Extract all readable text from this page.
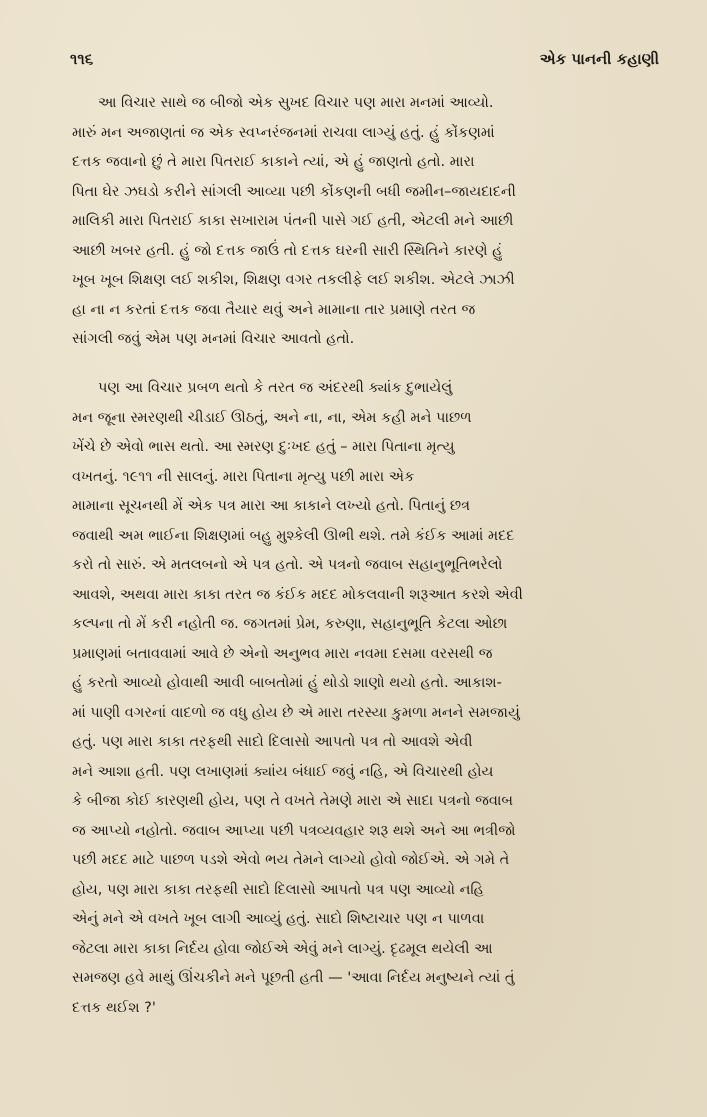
૧૧૬	એક પાનની કહાણી
આ વિચાર સાથે જ બીજો એક સુખદ વિચાર પણ મારા મનમાં આવ્યો.
મારું મન અજાણતાં જ એક સ્વપ્નરંજનમાં રાચવા લાગ્યું હતું. હું કોંકણમાં
દત્તક જવાનો છું તે મારા પિતરાઈ કાકાને ત્યાં, એ હું જાણતો હતો. મારા
પિતા ઘેર ઝઘડો કરીને સાંગલી આવ્યા પછી કોંકણની બધી જમીન–જાયદાદની
માલિકી મારા પિતરાઈ કાકા સખારામ પંતની પાસે ગઈ હતી, એટલી મને આછી
આછી ખબર હતી. હું જો દત્તક જાઉં તો દત્તક ઘરની સારી સ્થિતિને કારણે હું
ખૂબ ખૂબ શિક્ષણ લઈ શકીશ, શિક્ષણ વગર તકલીફે લઈ શકીશ. એટલે ઝાઝી
હા ના ન કરતાં દત્તક જવા તૈયાર થવું અને મામાના તાર પ્રમાણે તરત જ
સાંગલી જવું એમ પણ મનમાં વિચાર આવતો હતો.
પણ આ વિચાર પ્રબળ થતો કે તરત જ અંદરથી ક્યાંક દુભાયેલું
મન જૂના સ્મરણથી ચીડાઈ ઊઠતું, અને ના, ના, એમ કહી મને પાછળ
ખેંચે છે એવો ભાસ થતો. આ સ્મરણ દુઃખદ હતું – મારા પિતાના મૃત્યુ
વખતનું. ૧૯૧૧ ની સાલનું. મારા પિતાના મૃત્યુ પછી મારા એક
મામાના સૂચનથી મેં એક પત્ર મારા આ કાકાને લખ્યો હતો. પિતાનું છત્ર
જવાથી અમ ભાઈના શિક્ષણમાં બહુ મુશ્કેલી ઊભી થશે. તમે કંઈક આમાં મદદ
કરો તો સારું. એ મતલબનો એ પત્ર હતો. એ પત્રનો જવાબ સહાનુભૂતિભરેલો
આવશે, અથવા મારા કાકા તરત જ કંઈક મદદ મોકલવાની શરૂઆત કરશે એવી
કલ્પના તો મેં કરી નહોતી જ. જગતમાં પ્રેમ, કરુણા, સહાનુભૂતિ કેટલા ઓછા
પ્રમાણમાં બતાવવામાં આવે છે એનો અનુભવ મારા નવમા દસમા વરસથી જ
હું કરતો આવ્યો હોવાથી આવી બાબતોમાં હું થોડો શાણો થયો હતો. આકાશ-
માં પાણી વગરનાં વાદળો જ વધુ હોય છે એ મારા તરસ્યા કુમળા મનને સમજાયું
હતું. પણ મારા કાકા તરફથી સાદો દિલાસો આપતો પત્ર તો આવશે એવી
મને આશા હતી. પણ લખાણમાં ક્યાંય બંધાઈ જવું નહિ, એ વિચારથી હોય
કે બીજા કોઈ કારણથી હોય, પણ તે વખતે તેમણે મારા એ સાદા પત્રનો જવાબ
જ આપ્યો નહોતો. જવાબ આપ્યા પછી પત્રવ્યવહાર શરૂ થશે અને આ ભત્રીજો
પછી મદદ માટે પાછળ પડશે એવો ભય તેમને લાગ્યો હોવો જોઈએ. એ ગમે તે
હોય, પણ મારા કાકા તરફથી સાદો દિલાસો આપતો પત્ર પણ આવ્યો નહિ
એનું મને એ વખતે ખૂબ લાગી આવ્યું હતું. સાદો શિષ્ટાચાર પણ ન પાળવા
જેટલા મારા કાકા નિર્દય હોવા જોઈએ એવું મને લાગ્યું. દૃઢમૂલ થયેલી આ
સમજણ હવે માથું ઊંચકીને મને પૂછતી હતી — 'આવા નિર્દય મનુષ્યને ત્યાં તું
દત્તક થઈશ ?'
